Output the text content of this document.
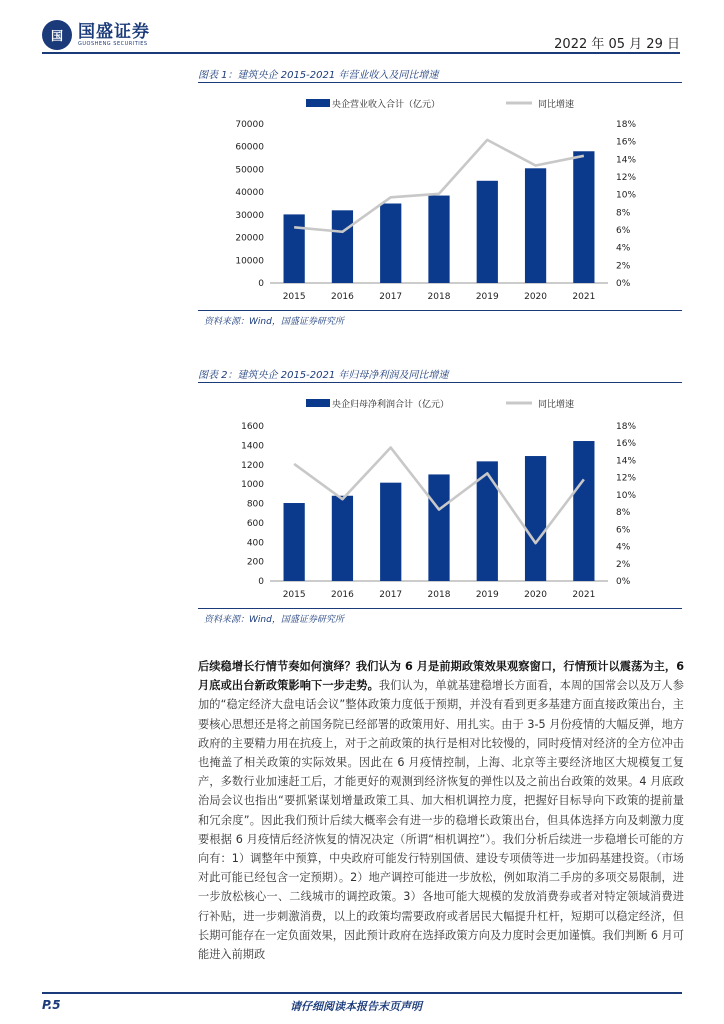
国 国盛证券
GUOSHENG SECURITIES	2022 年 05 月 29 日
图表 1：建筑央企 2015-2021 年营业收入及同比增速
央企营业收入合计（亿元）	同比增速
0
10000
20000
30000
40000
50000
60000
70000
0%
2%
4%
6%
8%
10%
12%
14%
16%
18%
2015	2016	2017	2018	2019	2020	2021
资料来源：Wind，国盛证券研究所
图表 2：建筑央企 2015-2021 年归母净利润及同比增速
央企归母净利润合计（亿元）	同比增速
0
200
400
600
800
1000
1200
1400
1600
0%
2%
4%
6%
8%
10%
12%
14%
16%
18%
2015	2016	2017	2018	2019	2020	2021
资料来源：Wind，国盛证券研究所
后续稳增长行情节奏如何演绎？我们认为 6 月是前期政策效果观察窗口，行情预计以震荡为主，6 月底或出台新政策影响下一步走势。我们认为，单就基建稳增长方面看，本周的国常会以及万人参加的“稳定经济大盘电话会议”整体政策力度低于预期，并没有看到更多基建方面直接政策出台，主要核心思想还是将之前国务院已经部署的政策用好、用扎实。由于 3-5 月份疫情的大幅反弹，地方政府的主要精力用在抗疫上，对于之前政策的执行是相对比较慢的，同时疫情对经济的全方位冲击也掩盖了相关政策的实际效果。因此在 6 月疫情控制，上海、北京等主要经济地区大规模复工复产，多数行业加速赶工后，才能更好的观测到经济恢复的弹性以及之前出台政策的效果。4 月底政治局会议也指出“要抓紧谋划增量政策工具、加大相机调控力度，把握好目标导向下政策的提前量和冗余度”。因此我们预计后续大概率会有进一步的稳增长政策出台，但具体选择方向及刺激力度要根据 6 月疫情后经济恢复的情况决定（所谓“相机调控”）。我们分析后续进一步稳增长可能的方向有：1）调整年中预算，中央政府可能发行特别国债、建设专项债等进一步加码基建投资。（市场对此可能已经包含一定预期）。2）地产调控可能进一步放松，例如取消二手房的多项交易限制，进一步放松核心一、二线城市的调控政策。3）各地可能大规模的发放消费券或者对特定领域消费进行补贴，进一步刺激消费，以上的政策均需要政府或者居民大幅提升杠杆，短期可以稳定经济，但长期可能存在一定负面效果，因此预计政府在选择政策方向及力度时会更加谨慎。我们判断 6 月可能进入前期政
P.5	请仔细阅读本报告末页声明
